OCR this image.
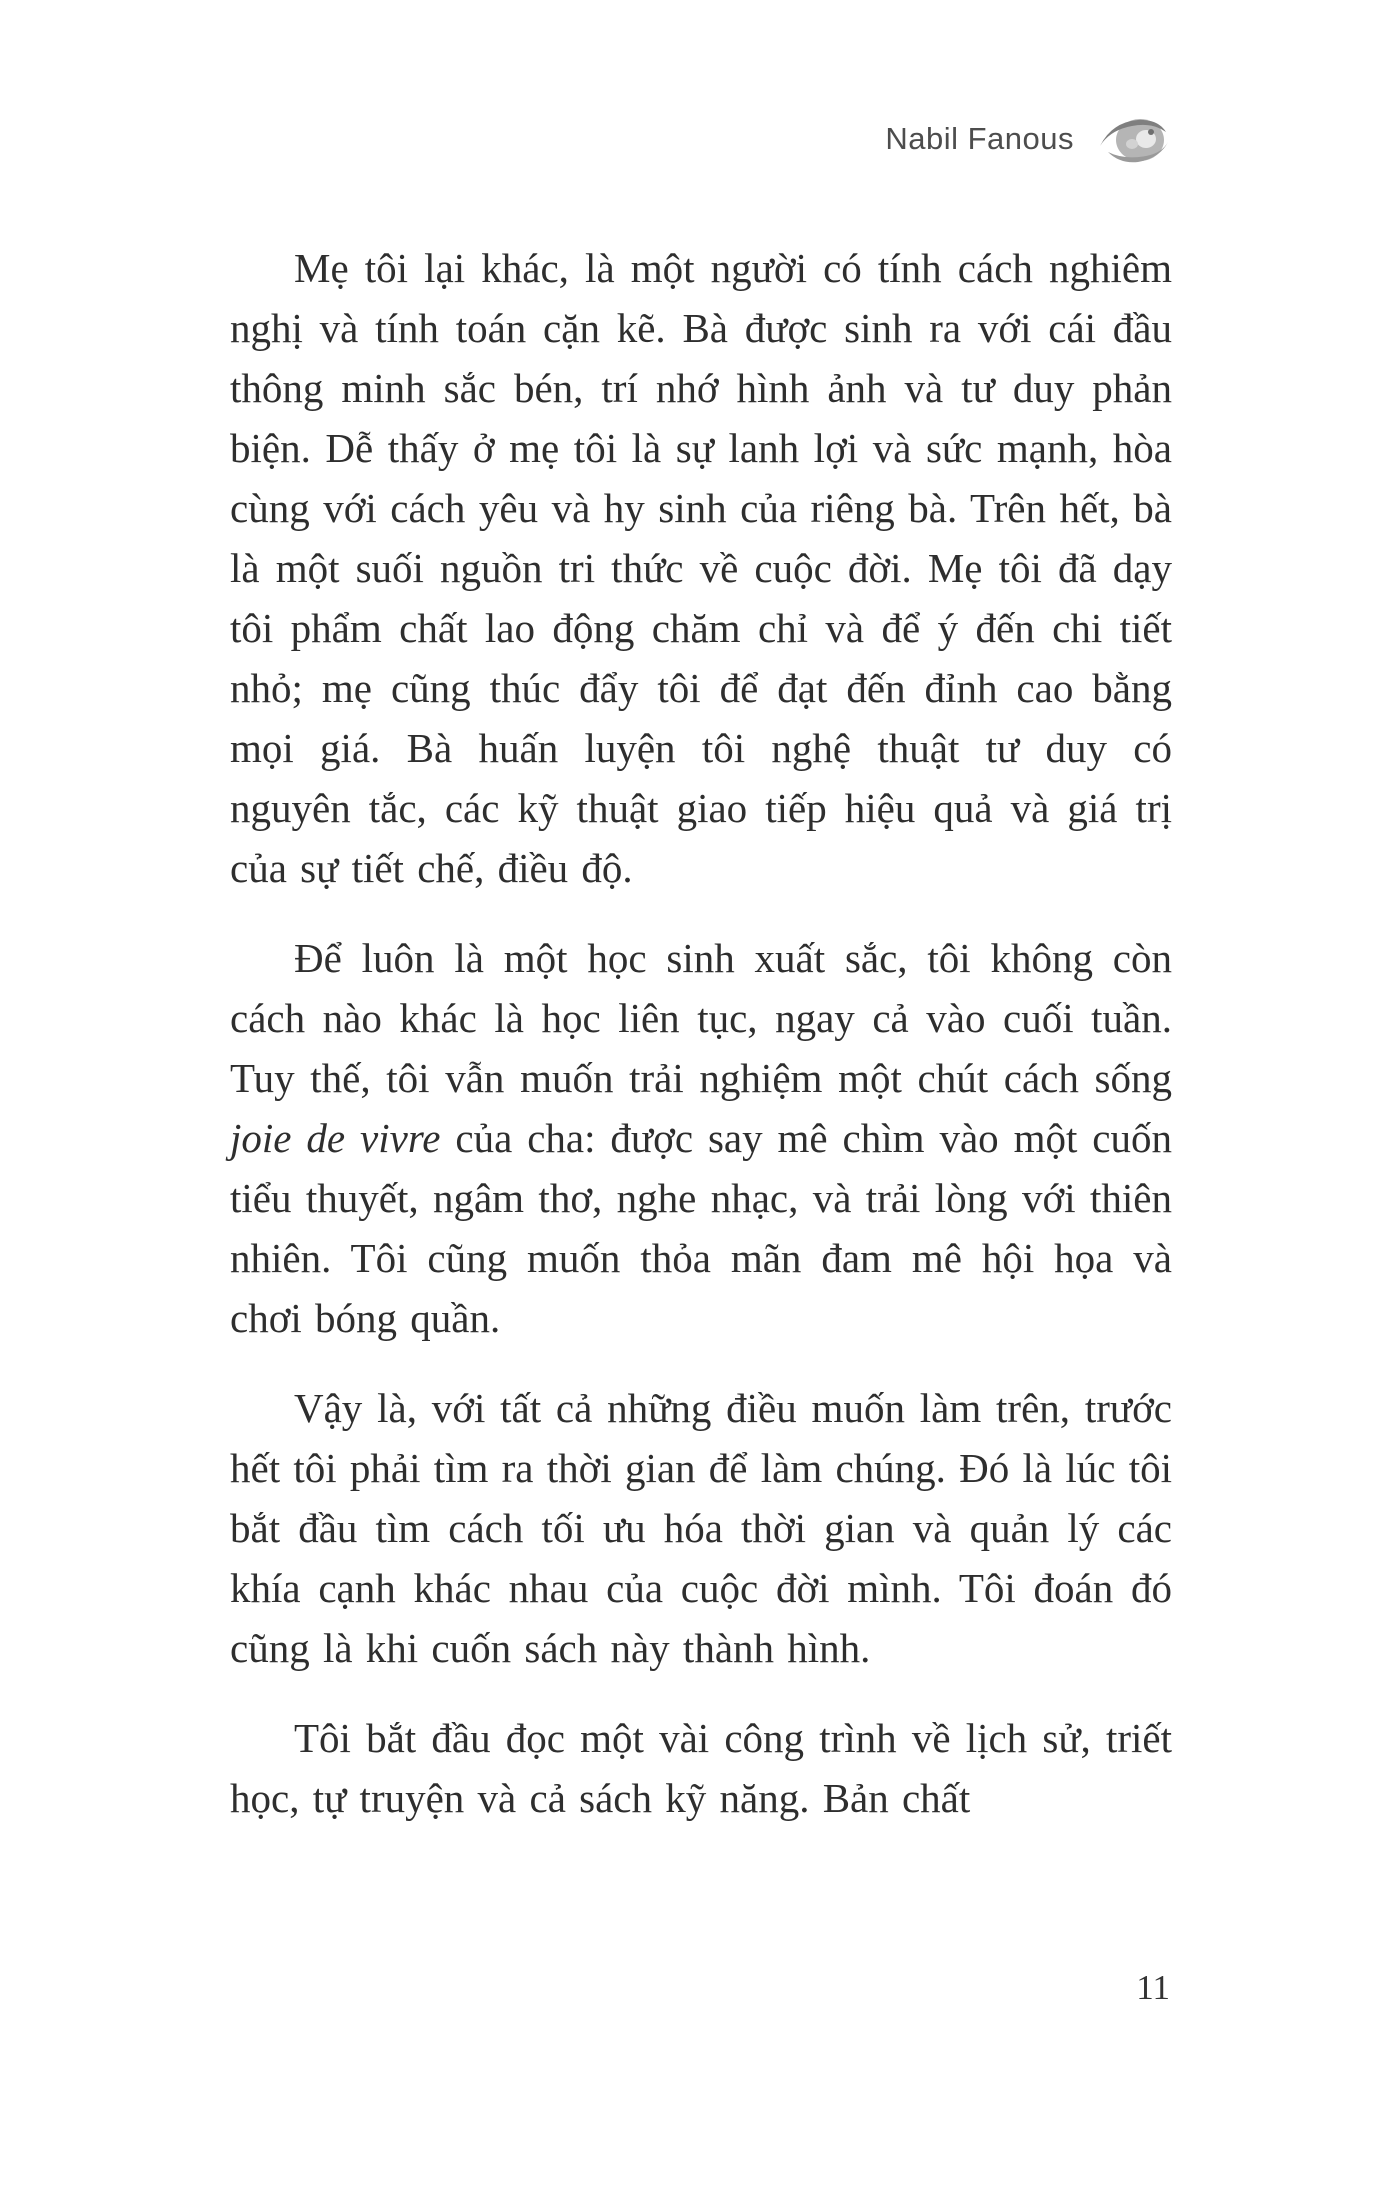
Nabil Fanous

Mẹ tôi lại khác, là một người có tính cách nghiêm nghị và tính toán cặn kẽ. Bà được sinh ra với cái đầu thông minh sắc bén, trí nhớ hình ảnh và tư duy phản biện. Dễ thấy ở mẹ tôi là sự lanh lợi và sức mạnh, hòa cùng với cách yêu và hy sinh của riêng bà. Trên hết, bà là một suối nguồn tri thức về cuộc đời. Mẹ tôi đã dạy tôi phẩm chất lao động chăm chỉ và để ý đến chi tiết nhỏ; mẹ cũng thúc đẩy tôi để đạt đến đỉnh cao bằng mọi giá. Bà huấn luyện tôi nghệ thuật tư duy có nguyên tắc, các kỹ thuật giao tiếp hiệu quả và giá trị của sự tiết chế, điều độ.

Để luôn là một học sinh xuất sắc, tôi không còn cách nào khác là học liên tục, ngay cả vào cuối tuần. Tuy thế, tôi vẫn muốn trải nghiệm một chút cách sống joie de vivre của cha: được say mê chìm vào một cuốn tiểu thuyết, ngâm thơ, nghe nhạc, và trải lòng với thiên nhiên. Tôi cũng muốn thỏa mãn đam mê hội họa và chơi bóng quần.

Vậy là, với tất cả những điều muốn làm trên, trước hết tôi phải tìm ra thời gian để làm chúng. Đó là lúc tôi bắt đầu tìm cách tối ưu hóa thời gian và quản lý các khía cạnh khác nhau của cuộc đời mình. Tôi đoán đó cũng là khi cuốn sách này thành hình.

Tôi bắt đầu đọc một vài công trình về lịch sử, triết học, tự truyện và cả sách kỹ năng. Bản chất

11
